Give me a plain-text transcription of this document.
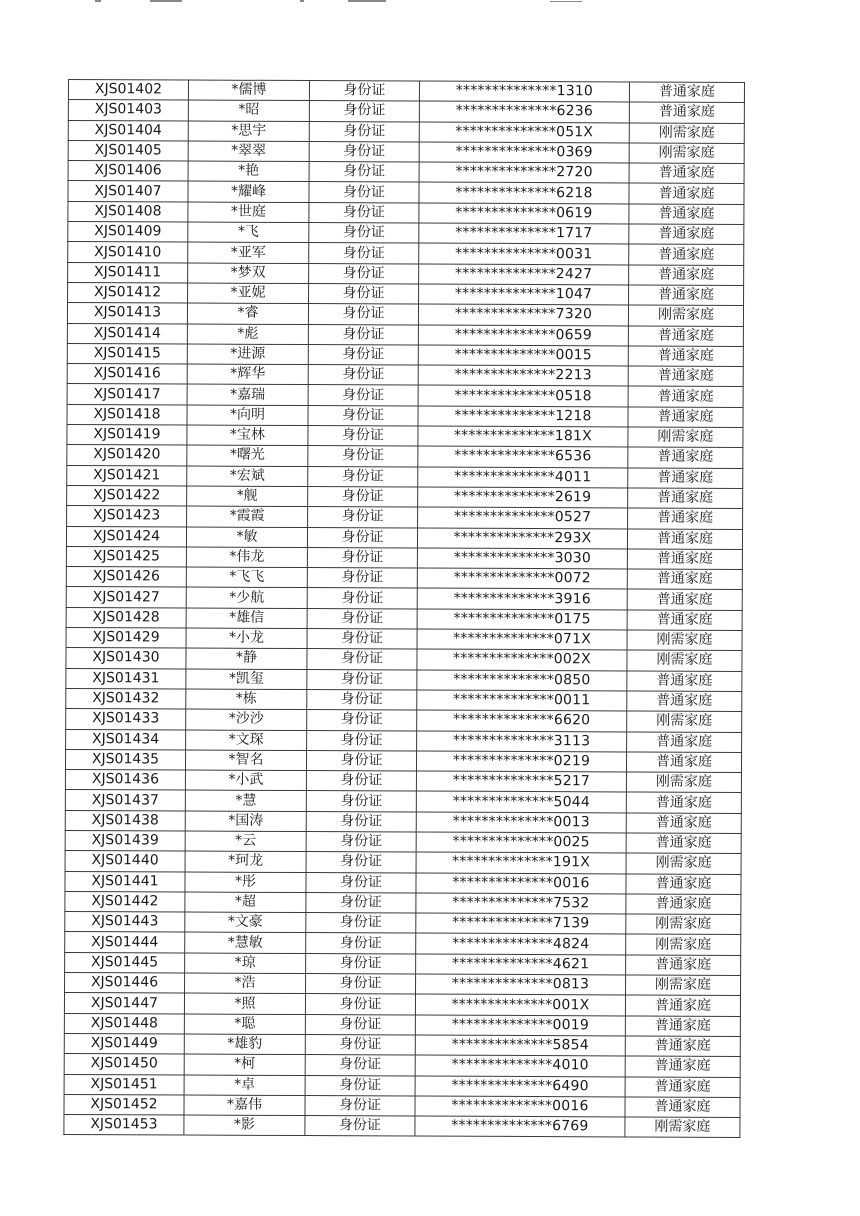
XJS01402	*儒博	身份证	**************1310	普通家庭
XJS01403	*昭	身份证	**************6236	普通家庭
XJS01404	*思宇	身份证	**************051X	刚需家庭
XJS01405	*翠翠	身份证	**************0369	刚需家庭
XJS01406	*艳	身份证	**************2720	普通家庭
XJS01407	*耀峰	身份证	**************6218	普通家庭
XJS01408	*世庭	身份证	**************0619	普通家庭
XJS01409	*飞	身份证	**************1717	普通家庭
XJS01410	*亚军	身份证	**************0031	普通家庭
XJS01411	*梦双	身份证	**************2427	普通家庭
XJS01412	*亚妮	身份证	**************1047	普通家庭
XJS01413	*睿	身份证	**************7320	刚需家庭
XJS01414	*彪	身份证	**************0659	普通家庭
XJS01415	*进源	身份证	**************0015	普通家庭
XJS01416	*辉华	身份证	**************2213	普通家庭
XJS01417	*嘉瑞	身份证	**************0518	普通家庭
XJS01418	*向明	身份证	**************1218	普通家庭
XJS01419	*宝林	身份证	**************181X	刚需家庭
XJS01420	*曙光	身份证	**************6536	普通家庭
XJS01421	*宏斌	身份证	**************4011	普通家庭
XJS01422	*舰	身份证	**************2619	普通家庭
XJS01423	*霞霞	身份证	**************0527	普通家庭
XJS01424	*敏	身份证	**************293X	普通家庭
XJS01425	*伟龙	身份证	**************3030	普通家庭
XJS01426	*飞飞	身份证	**************0072	普通家庭
XJS01427	*少航	身份证	**************3916	普通家庭
XJS01428	*雄信	身份证	**************0175	普通家庭
XJS01429	*小龙	身份证	**************071X	刚需家庭
XJS01430	*静	身份证	**************002X	刚需家庭
XJS01431	*凯玺	身份证	**************0850	普通家庭
XJS01432	*栋	身份证	**************0011	普通家庭
XJS01433	*沙沙	身份证	**************6620	刚需家庭
XJS01434	*文琛	身份证	**************3113	普通家庭
XJS01435	*智名	身份证	**************0219	普通家庭
XJS01436	*小武	身份证	**************5217	刚需家庭
XJS01437	*慧	身份证	**************5044	普通家庭
XJS01438	*国涛	身份证	**************0013	普通家庭
XJS01439	*云	身份证	**************0025	普通家庭
XJS01440	*珂龙	身份证	**************191X	刚需家庭
XJS01441	*彤	身份证	**************0016	普通家庭
XJS01442	*超	身份证	**************7532	普通家庭
XJS01443	*文豪	身份证	**************7139	刚需家庭
XJS01444	*慧敏	身份证	**************4824	刚需家庭
XJS01445	*琼	身份证	**************4621	普通家庭
XJS01446	*浩	身份证	**************0813	刚需家庭
XJS01447	*照	身份证	**************001X	普通家庭
XJS01448	*聪	身份证	**************0019	普通家庭
XJS01449	*雄豹	身份证	**************5854	普通家庭
XJS01450	*柯	身份证	**************4010	普通家庭
XJS01451	*卓	身份证	**************6490	普通家庭
XJS01452	*嘉伟	身份证	**************0016	普通家庭
XJS01453	*影	身份证	**************6769	刚需家庭
